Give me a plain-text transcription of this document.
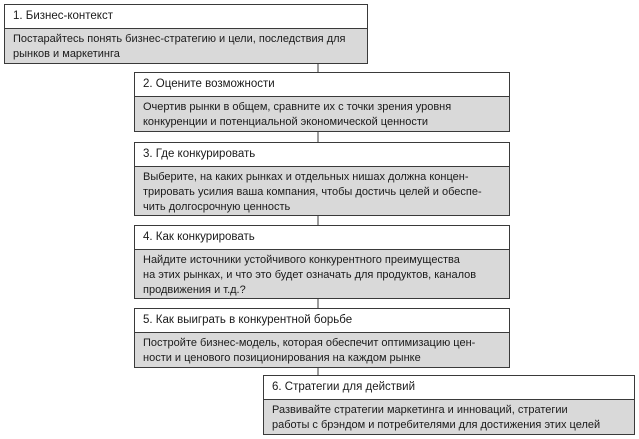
1. Бизнес-контекст
Постарайтесь понять бизнес-стратегию и цели, последствия для
рынков и маркетинга
2. Оцените возможности
Очертив рынки в общем, сравните их с точки зрения уровня
конкуренции и потенциальной экономической ценности
3. Где конкурировать
Выберите, на каких рынках и отдельных нишах должна концен-
трировать усилия ваша компания, чтобы достичь целей и обеспе-
чить долгосрочную ценность
4. Как конкурировать
Найдите источники устойчивого конкурентного преимущества
на этих рынках, и что это будет означать для продуктов, каналов
продвижения и т.д.?
5. Как выиграть в конкурентной борьбе
Постройте бизнес-модель, которая обеспечит оптимизацию цен-
ности и ценового позиционирования на каждом рынке
6. Стратегии для действий
Развивайте стратегии маркетинга и инноваций, стратегии
работы с брэндом и потребителями для достижения этих целей
